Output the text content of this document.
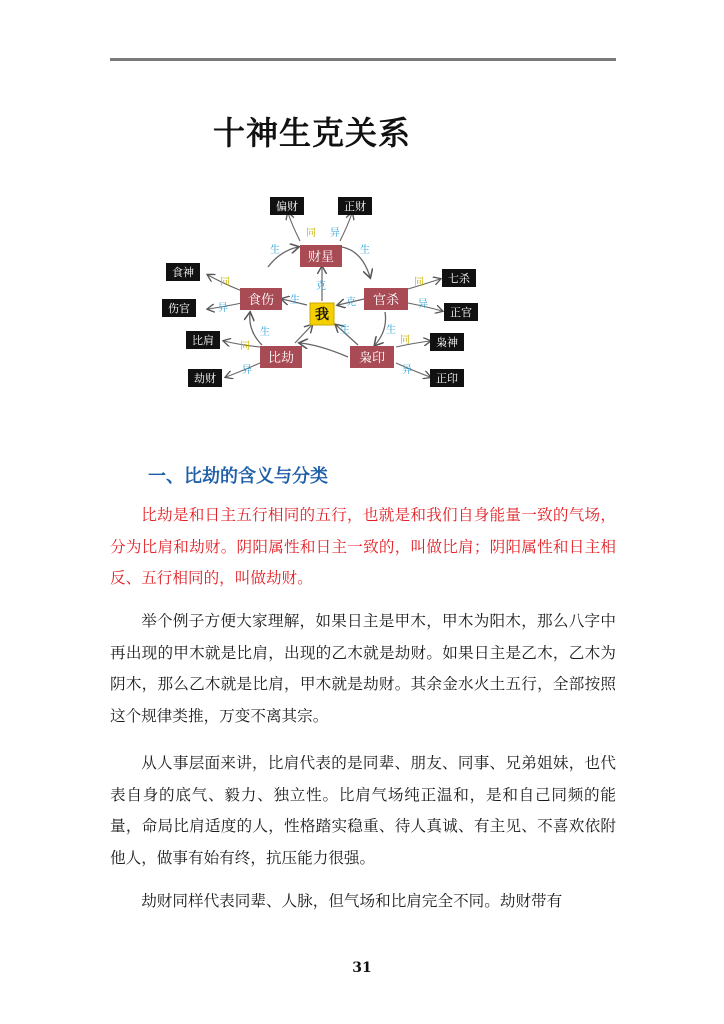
十神生克关系
财星
食伤	官杀
比劫	枭印
我
偏财	正财
食神
伤官
七杀
正官
比肩
劫财
枭神
正印
同
同	同
同
同
异
异	异
异	异
生	生
生
生
生
生
克
克
一、比劫的含义与分类
比劫是和日主五行相同的五行，也就是和我们自身能量一致的气场，分为比肩和劫财。阴阳属性和日主一致的，叫做比肩；阴阳属性和日主相反、五行相同的，叫做劫财。
举个例子方便大家理解，如果日主是甲木，甲木为阳木，那么八字中再出现的甲木就是比肩，出现的乙木就是劫财。如果日主是乙木，乙木为阴木，那么乙木就是比肩，甲木就是劫财。其余金水火土五行，全部按照这个规律类推，万变不离其宗。
从人事层面来讲，比肩代表的是同辈、朋友、同事、兄弟姐妹，也代表自身的底气、毅力、独立性。比肩气场纯正温和，是和自己同频的能量，命局比肩适度的人，性格踏实稳重、待人真诚、有主见、不喜欢依附他人，做事有始有终，抗压能力很强。
劫财同样代表同辈、人脉，但气场和比肩完全不同。劫财带有
31
